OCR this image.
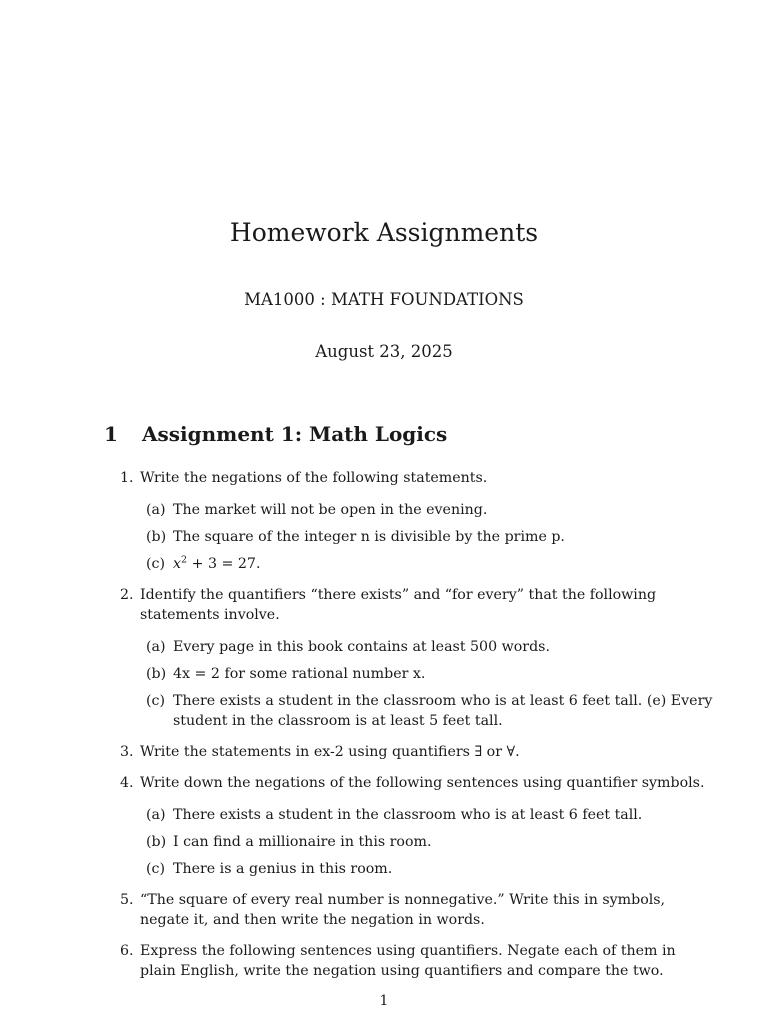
Homework Assignments
MA1000 : MATH FOUNDATIONS
August 23, 2025
1 Assignment 1: Math Logics
1. Write the negations of the following statements.
(a) The market will not be open in the evening.
(b) The square of the integer n is divisible by the prime p.
(c) $x^2 + 3 = 27$.
2. Identify the quantifiers “there exists” and “for every” that the following statements involve.
(a) Every page in this book contains at least 500 words.
(b) 4x = 2 for some rational number x.
(c) There exists a student in the classroom who is at least 6 feet tall. (e) Every student in the classroom is at least 5 feet tall.
3. Write the statements in ex-2 using quantifiers ∃ or ∀.
4. Write down the negations of the following sentences using quantifier symbols.
(a) There exists a student in the classroom who is at least 6 feet tall.
(b) I can find a millionaire in this room.
(c) There is a genius in this room.
5. “The square of every real number is nonnegative.” Write this in symbols, negate it, and then write the negation in words.
6. Express the following sentences using quantifiers. Negate each of them in plain English, write the negation using quantifiers and compare the two.
1
